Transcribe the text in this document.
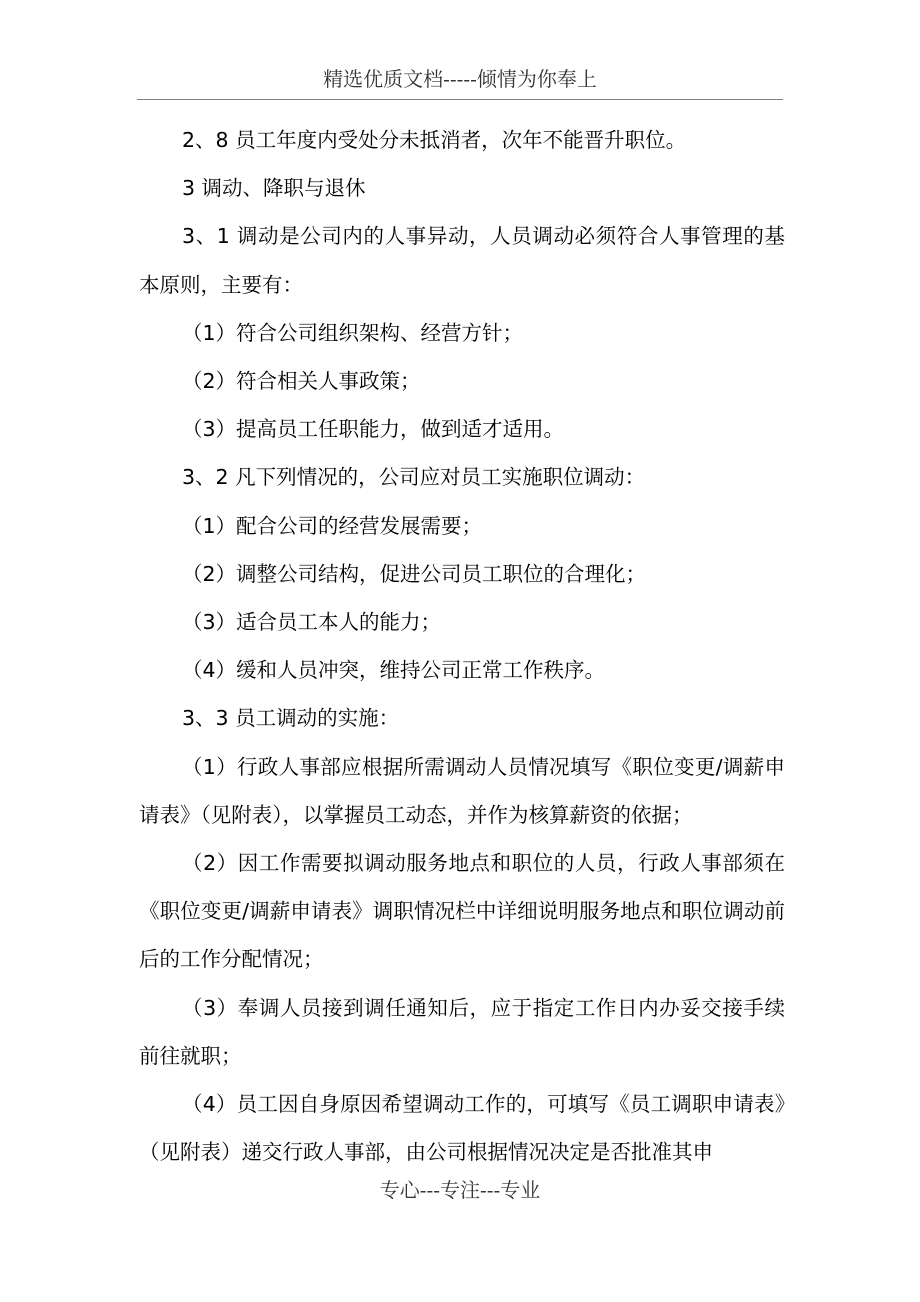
精选优质文档-----倾情为你奉上

2、8 员工年度内受处分未抵消者，次年不能晋升职位。

3 调动、降职与退休

3、1 调动是公司内的人事异动，人员调动必须符合人事管理的基本原则，主要有：

（1）符合公司组织架构、经营方针；

（2）符合相关人事政策；

（3）提高员工任职能力，做到适才适用。

3、2 凡下列情况的，公司应对员工实施职位调动：

（1）配合公司的经营发展需要；

（2）调整公司结构，促进公司员工职位的合理化；

（3）适合员工本人的能力；

（4）缓和人员冲突，维持公司正常工作秩序。

3、3 员工调动的实施：

（1）行政人事部应根据所需调动人员情况填写《职位变更/调薪申请表》（见附表），以掌握员工动态，并作为核算薪资的依据；

（2）因工作需要拟调动服务地点和职位的人员，行政人事部须在《职位变更/调薪申请表》调职情况栏中详细说明服务地点和职位调动前后的工作分配情况；

（3）奉调人员接到调任通知后，应于指定工作日内办妥交接手续前往就职；

（4）员工因自身原因希望调动工作的，可填写《员工调职申请表》（见附表）递交行政人事部，由公司根据情况决定是否批准其申

专心---专注---专业
